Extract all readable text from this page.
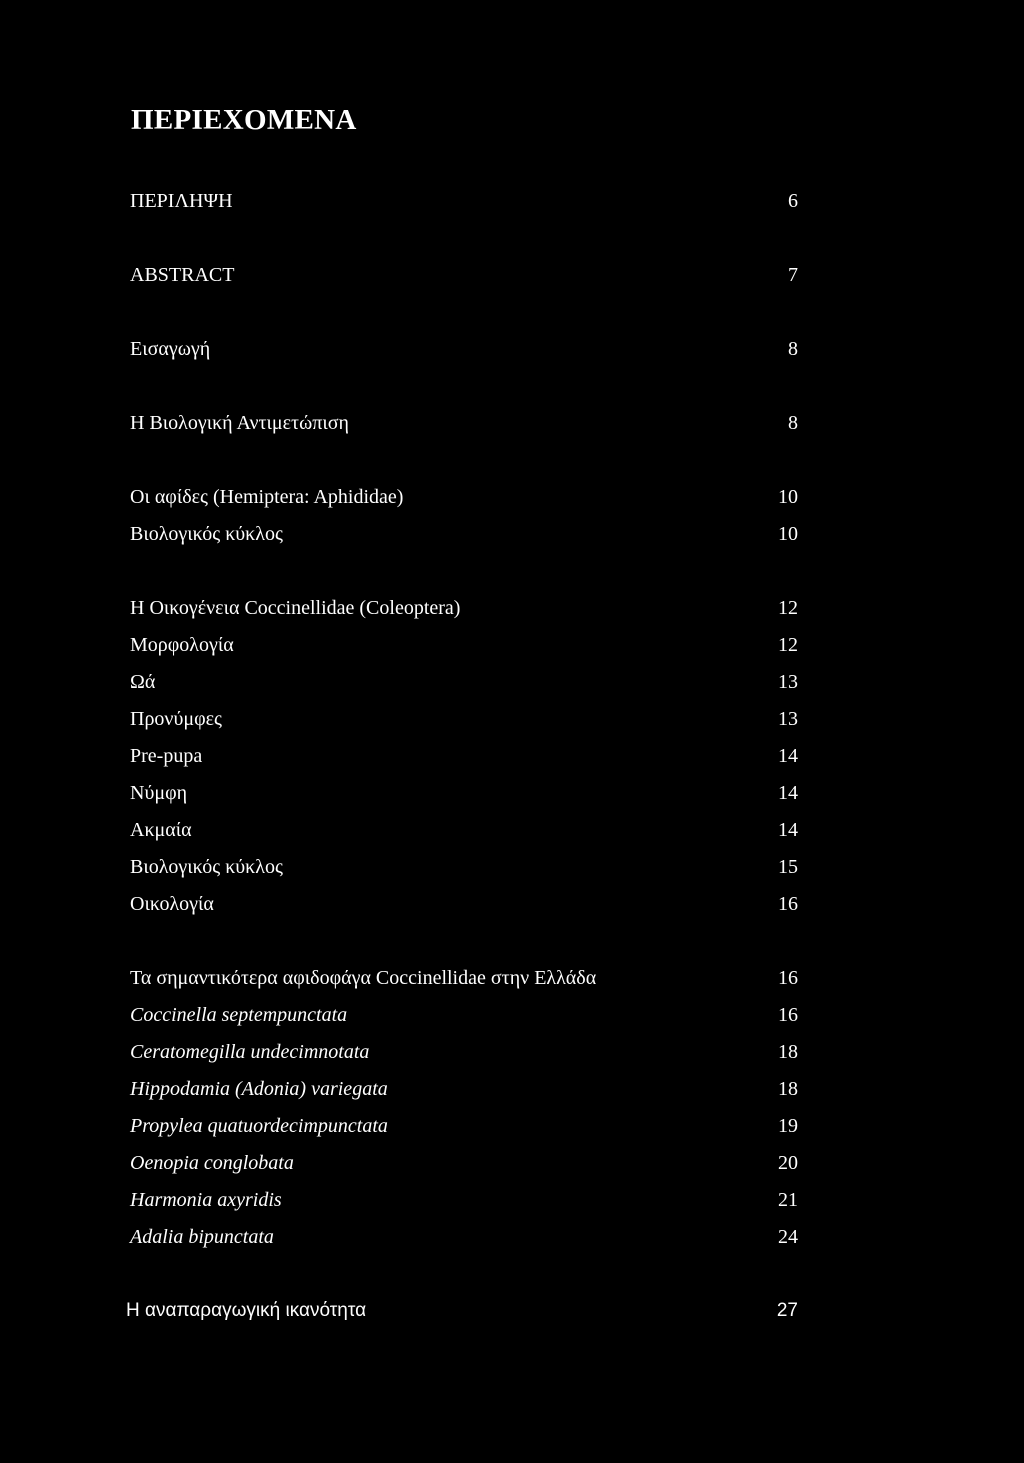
ΠΕΡΙΕΧΟΜΕΝΑ
ΠΕΡΙΛΗΨΗ	6
ABSTRACT	7
Εισαγωγή	8
Η Βιολογική Αντιμετώπιση	8
Οι αφίδες (Hemiptera: Aphididae)	10
Βιολογικός κύκλος	10
Η Οικογένεια Coccinellidae (Coleoptera)	12
Μορφολογία	12
Ωά	13
Προνύμφες	13
Pre-pupa	14
Νύμφη	14
Ακμαία	14
Βιολογικός κύκλος	15
Οικολογία	16
Τα σημαντικότερα αφιδοφάγα Coccinellidae στην Ελλάδα	16
Coccinella septempunctata	16
Ceratomegilla undecimnotata	18
Hippodamia (Adonia) variegata	18
Propylea quatuordecimpunctata	19
Oenopia conglobata	20
Harmonia axyridis	21
Adalia bipunctata	24
Η αναπαραγωγική ικανότητα	27
